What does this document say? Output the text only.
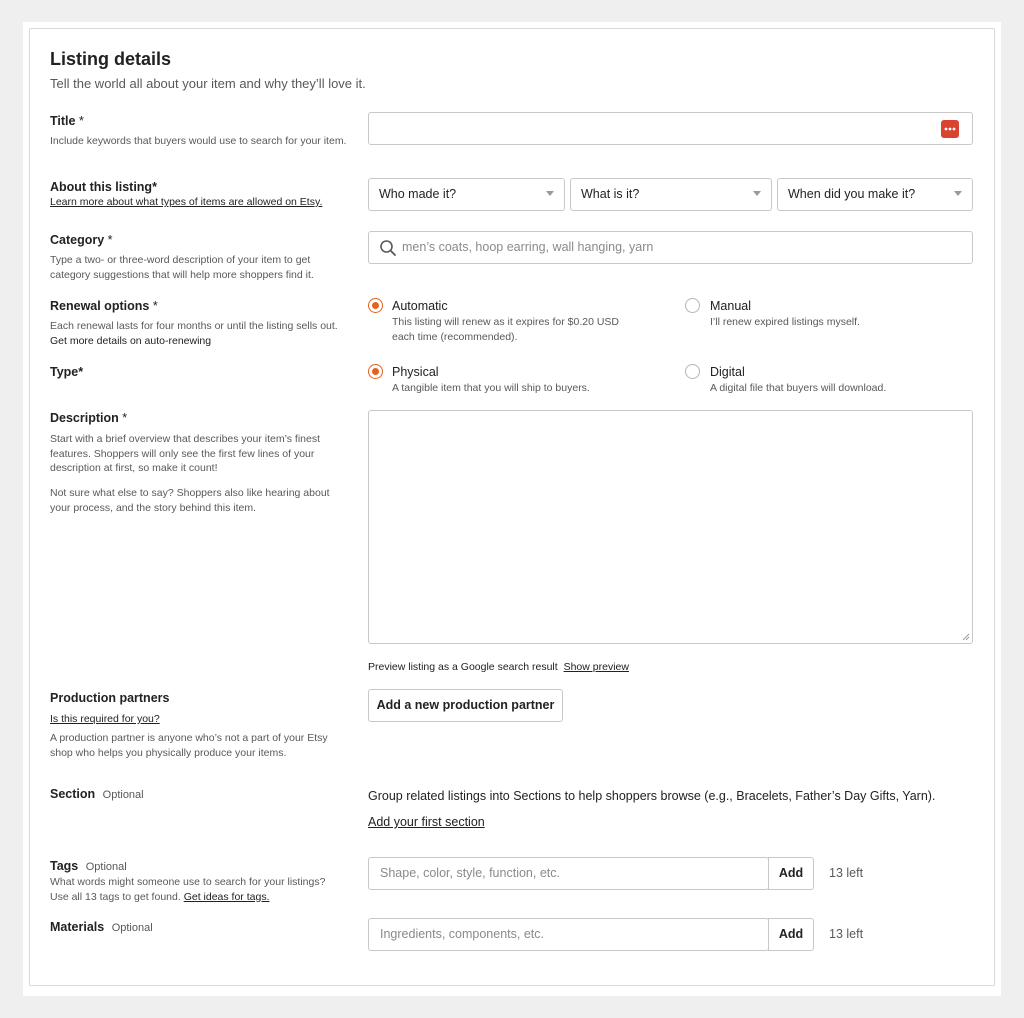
Listing details
Tell the world all about your item and why they’ll love it.
Title *
Include keywords that buyers would use to search for your item.
About this listing*
Learn more about what types of items are allowed on Etsy.
Who made it?	What is it?	When did you make it?
Category *
Type a two- or three-word description of your item to get category suggestions that will help more shoppers find it.
men’s coats, hoop earring, wall hanging, yarn
Renewal options *
Each renewal lasts for four months or until the listing sells out. Get more details on auto-renewing
Automatic
This listing will renew as it expires for $0.20 USD each time (recommended).
Manual
I’ll renew expired listings myself.
Type*	Physical
A tangible item that you will ship to buyers.
Digital
A digital file that buyers will download.
Description *
Start with a brief overview that describes your item’s finest features. Shoppers will only see the first few lines of your description at first, so make it count!
Not sure what else to say? Shoppers also like hearing about your process, and the story behind this item.
Preview listing as a Google search result Show preview
Production partners
Is this required for you?
A production partner is anyone who’s not a part of your Etsy shop who helps you physically produce your items.
Add a new production partner
Section Optional	Group related listings into Sections to help shoppers browse (e.g., Bracelets, Father’s Day Gifts, Yarn).
Add your first section
Tags Optional
What words might someone use to search for your listings? Use all 13 tags to get found. Get ideas for tags.
Shape, color, style, function, etc.	Add	13 left
Materials Optional	Ingredients, components, etc.	Add	13 left
